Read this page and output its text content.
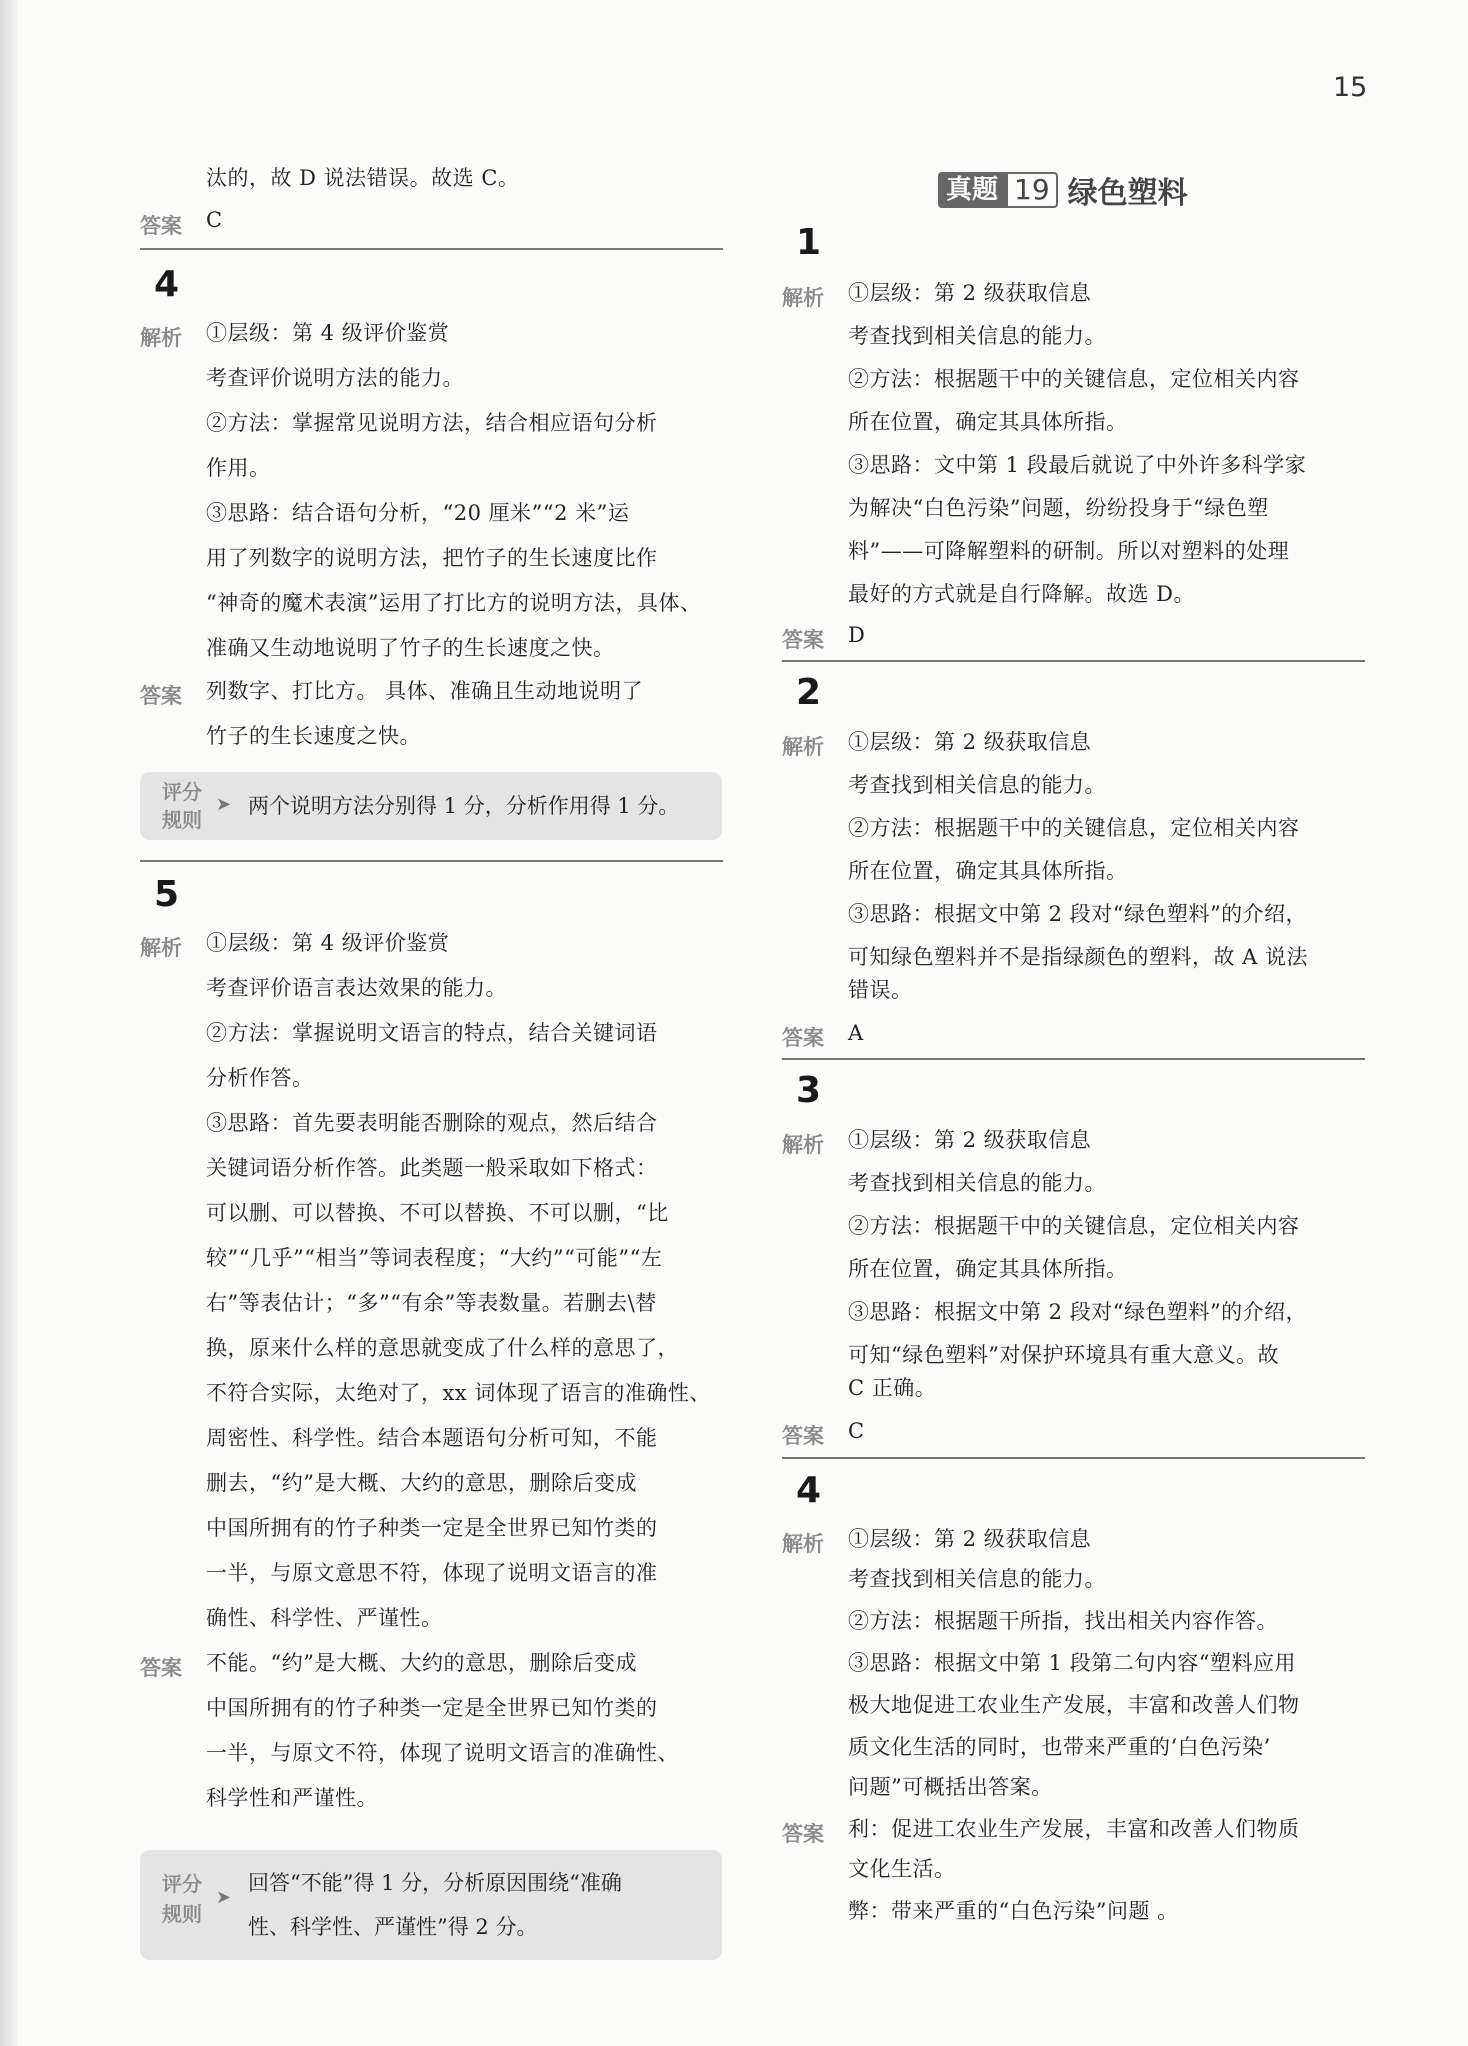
15
汰的，故 D 说法错误。故选 C。
答案 C
4
解析 ①层级：第 4 级评价鉴赏
考查评价说明方法的能力。
②方法：掌握常见说明方法，结合相应语句分析
作用。
③思路：结合语句分析，“20 厘米”“2 米”运
用了列数字的说明方法，把竹子的生长速度比作
“神奇的魔术表演”运用了打比方的说明方法，具体、
准确又生动地说明了竹子的生长速度之快。
答案 列数字、打比方。 具体、准确且生动地说明了
竹子的生长速度之快。
评分
规则
➤ 两个说明方法分别得 1 分，分析作用得 1 分。
5
解析 ①层级：第 4 级评价鉴赏
考查评价语言表达效果的能力。
②方法：掌握说明文语言的特点，结合关键词语
分析作答。
③思路：首先要表明能否删除的观点，然后结合
关键词语分析作答。此类题一般采取如下格式：
可以删、可以替换、不可以替换、不可以删，“比
较”“几乎”“相当”等词表程度；“大约”“可能”“左
右”等表估计；“多”“有余”等表数量。若删去\替
换，原来什么样的意思就变成了什么样的意思了，
不符合实际，太绝对了，xx 词体现了语言的准确性、
周密性、科学性。结合本题语句分析可知，不能
删去，“约”是大概、大约的意思，删除后变成
中国所拥有的竹子种类一定是全世界已知竹类的
一半，与原文意思不符，体现了说明文语言的准
确性、科学性、严谨性。
答案 不能。“约”是大概、大约的意思，删除后变成
中国所拥有的竹子种类一定是全世界已知竹类的
一半，与原文不符，体现了说明文语言的准确性、
科学性和严谨性。
评分
规则
➤
回答“不能”得 1 分，分析原因围绕“准确
性、科学性、严谨性”得 2 分。
真题 19 绿色塑料
1
解析 ①层级：第 2 级获取信息
考查找到相关信息的能力。
②方法：根据题干中的关键信息，定位相关内容
所在位置，确定其具体所指。
③思路：文中第 1 段最后就说了中外许多科学家
为解决“白色污染”问题，纷纷投身于“绿色塑
料”——可降解塑料的研制。所以对塑料的处理
最好的方式就是自行降解。故选 D。
答案 D
2
解析 ①层级：第 2 级获取信息
考查找到相关信息的能力。
②方法：根据题干中的关键信息，定位相关内容
所在位置，确定其具体所指。
③思路：根据文中第 2 段对“绿色塑料”的介绍，
可知绿色塑料并不是指绿颜色的塑料，故 A 说法
错误。
答案 A
3
解析 ①层级：第 2 级获取信息
考查找到相关信息的能力。
②方法：根据题干中的关键信息，定位相关内容
所在位置，确定其具体所指。
③思路：根据文中第 2 段对“绿色塑料”的介绍，
可知“绿色塑料”对保护环境具有重大意义。故
C 正确。
答案 C
4
解析 ①层级：第 2 级获取信息
考查找到相关信息的能力。
②方法：根据题干所指，找出相关内容作答。
③思路：根据文中第 1 段第二句内容“塑料应用
极大地促进工农业生产发展，丰富和改善人们物
质文化生活的同时，也带来严重的‘白色污染’
问题”可概括出答案。
答案 利：促进工农业生产发展，丰富和改善人们物质
文化生活。
弊：带来严重的“白色污染”问题 。
